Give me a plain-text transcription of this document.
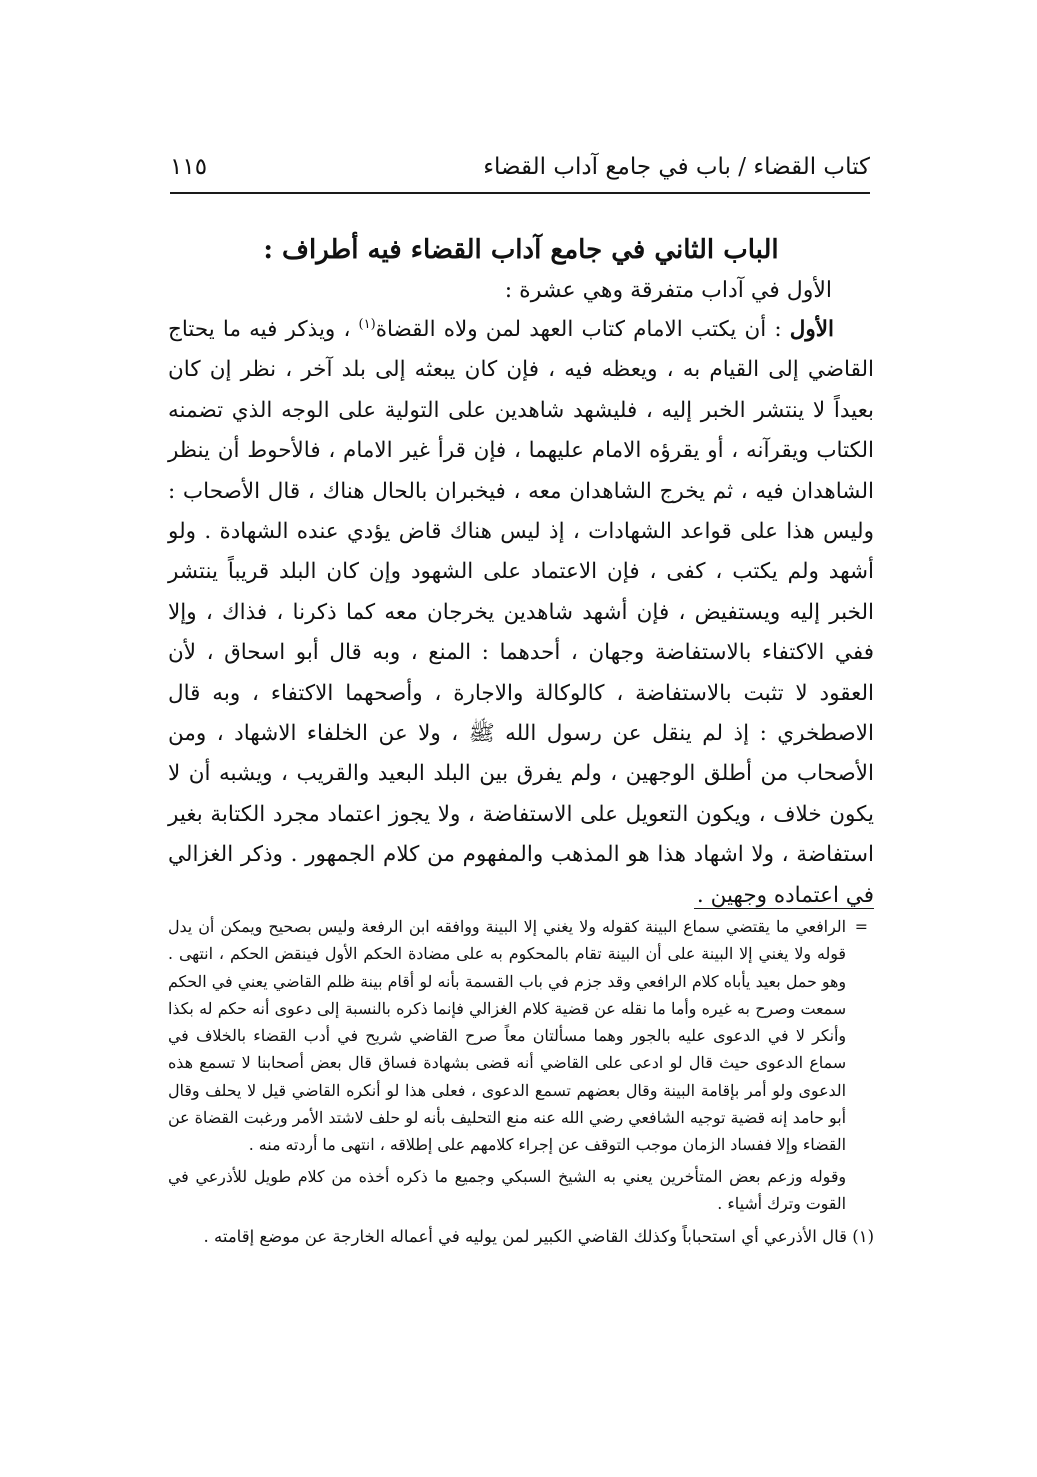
كتاب القضاء / باب في جامع آداب القضاء
١١٥
الباب الثاني في جامع آداب القضاء فيه أطراف :
الأول في آداب متفرقة وهي عشرة :

الأول : أن يكتب الامام كتاب العهد لمن ولاه القضاة$^{(١)}$ ، ويذكر فيه ما يحتاج القاضي إلى القيام به ، ويعظه فيه ، فإن كان يبعثه إلى بلد آخر ، نظر إن كان بعيداً لا ينتشر الخبر إليه ، فليشهد شاهدين على التولية على الوجه الذي تضمنه الكتاب ويقرآنه ، أو يقرؤه الامام عليهما ، فإن قرأ غير الامام ، فالأحوط أن ينظر الشاهدان فيه ، ثم يخرج الشاهدان معه ، فيخبران بالحال هناك ، قال الأصحاب : وليس هذا على قواعد الشهادات ، إذ ليس هناك قاض يؤدي عنده الشهادة . ولو أشهد ولم يكتب ، كفى ، فإن الاعتماد على الشهود وإن كان البلد قريباً ينتشر الخبر إليه ويستفيض ، فإن أشهد شاهدين يخرجان معه كما ذكرنا ، فذاك ، وإلا ففي الاكتفاء بالاستفاضة وجهان ، أحدهما : المنع ، وبه قال أبو اسحاق ، لأن العقود لا تثبت بالاستفاضة ، كالوكالة والاجارة ، وأصحهما الاكتفاء ، وبه قال الاصطخري : إذ لم ينقل عن رسول الله ﷺ ، ولا عن الخلفاء الاشهاد ، ومن الأصحاب من أطلق الوجهين ، ولم يفرق بين البلد البعيد والقريب ، ويشبه أن لا يكون خلاف ، ويكون التعويل على الاستفاضة ، ولا يجوز اعتماد مجرد الكتابة بغير استفاضة ، ولا اشهاد هذا هو المذهب والمفهوم من كلام الجمهور . وذكر الغزالي في اعتماده وجهين .

=
الرافعي ما يقتضي سماع البينة كقوله ولا يغني إلا البينة ووافقه ابن الرفعة وليس بصحيح ويمكن أن يدل قوله ولا يغني إلا البينة على أن البينة تقام بالمحكوم به على مضادة الحكم الأول فينقض الحكم ، انتهى . وهو حمل بعيد يأباه كلام الرافعي وقد جزم في باب القسمة بأنه لو أقام بينة ظلم القاضي يعني في الحكم سمعت وصرح به غيره وأما ما نقله عن قضية كلام الغزالي فإنما ذكره بالنسبة إلى دعوى أنه حكم له بكذا وأنكر لا في الدعوى عليه بالجور وهما مسألتان معاً صرح القاضي شريح في أدب القضاء بالخلاف في سماع الدعوى حيث قال لو ادعى على القاضي أنه قضى بشهادة فساق قال بعض أصحابنا لا تسمع هذه الدعوى ولو أمر بإقامة البينة وقال بعضهم تسمع الدعوى ، فعلى هذا لو أنكره القاضي قيل لا يحلف وقال أبو حامد إنه قضية توجيه الشافعي رضي الله عنه منع التحليف بأنه لو حلف لاشتد الأمر ورغبت القضاة عن القضاء وإلا ففساد الزمان موجب التوقف عن إجراء كلامهم على إطلاقه ، انتهى ما أردته منه .

وقوله وزعم بعض المتأخرين يعني به الشيخ السبكي وجميع ما ذكره أخذه من كلام طويل للأذرعي في القوت وترك أشياء .

(١) قال الأذرعي أي استحباباً وكذلك القاضي الكبير لمن يوليه في أعماله الخارجة عن موضع إقامته .
